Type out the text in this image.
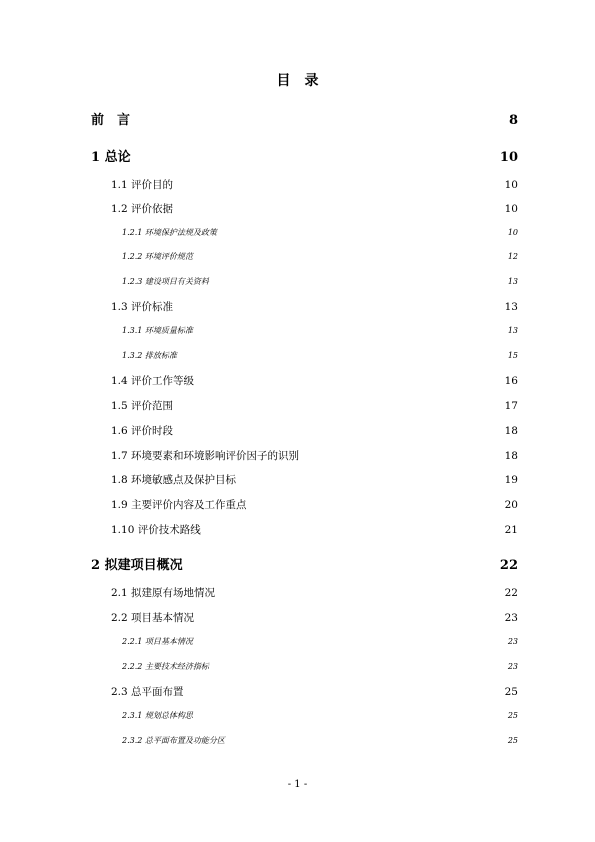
目　录
前　言	8
1 总论	10
1.1 评价目的	10
1.2 评价依据	10
1.2.1 环境保护法规及政策	10
1.2.2 环境评价规范	12
1.2.3 建设项目有关资料	13
1.3 评价标准	13
1.3.1 环境质量标准	13
1.3.2 排放标准	15
1.4 评价工作等级	16
1.5 评价范围	17
1.6 评价时段	18
1.7 环境要素和环境影响评价因子的识别	18
1.8 环境敏感点及保护目标	19
1.9 主要评价内容及工作重点	20
1.10 评价技术路线	21
2 拟建项目概况	22
2.1 拟建原有场地情况	22
2.2 项目基本情况	23
2.2.1 项目基本情况	23
2.2.2 主要技术经济指标	23
2.3 总平面布置	25
2.3.1 规划总体构思	25
2.3.2 总平面布置及功能分区	25
- 1 -
